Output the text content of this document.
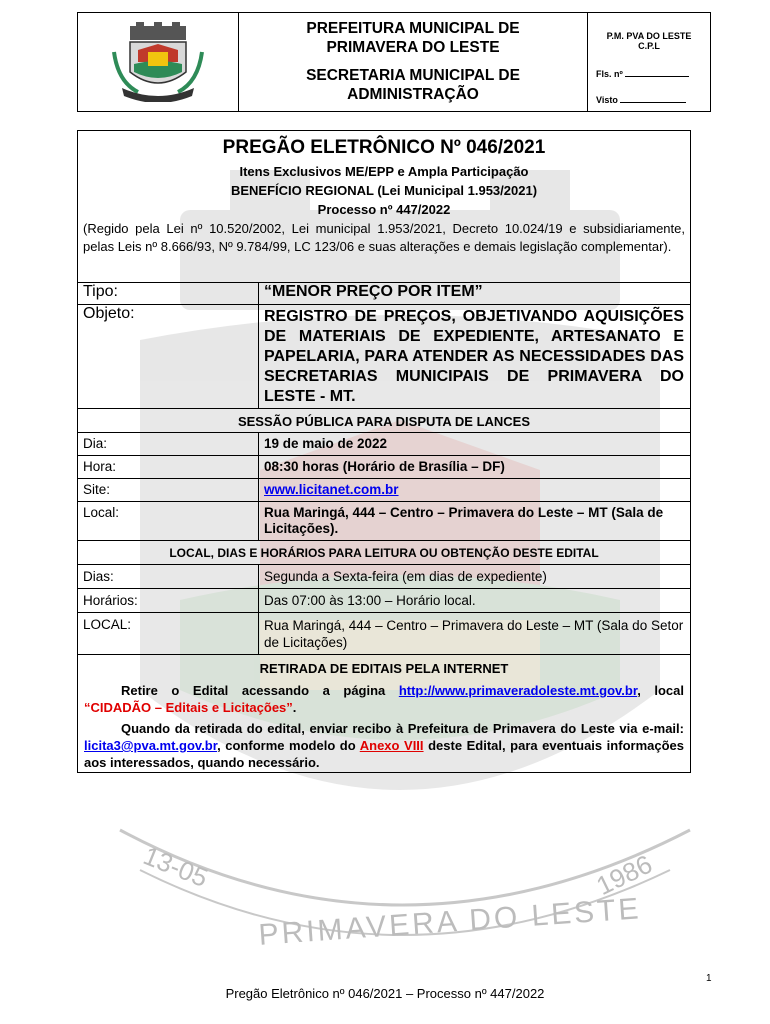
13-05	1986
PRIMAVERA DO LESTE
PREFEITURA MUNICIPAL DE
PRIMAVERA DO LESTE
SECRETARIA MUNICIPAL DE
ADMINISTRAÇÃO
P.M. PVA DO LESTE
C.P.L
Fls. nº
Visto
PREGÃO ELETRÔNICO Nº 046/2021
Itens Exclusivos ME/EPP e Ampla Participação
BENEFÍCIO REGIONAL (Lei Municipal 1.953/2021)
Processo nº 447/2022
(Regido pela Lei nº 10.520/2002, Lei municipal 1.953/2021, Decreto 10.024/19 e subsidiariamente, pelas Leis nº 8.666/93, Nº 9.784/99, LC 123/06 e suas alterações e demais legislação complementar).
Tipo:	“MENOR PREÇO POR ITEM”
Objeto:	REGISTRO DE PREÇOS, OBJETIVANDO AQUISIÇÕES DE MATERIAIS DE EXPEDIENTE, ARTESANATO E PAPELARIA, PARA ATENDER AS NECESSIDADES DAS SECRETARIAS MUNICIPAIS DE PRIMAVERA DO LESTE - MT.
SESSÃO PÚBLICA PARA DISPUTA DE LANCES
Dia:	19 de maio de 2022
Hora:	08:30 horas (Horário de Brasília – DF)
Site:	www.licitanet.com.br
Local:	Rua Maringá, 444 – Centro – Primavera do Leste – MT (Sala de Licitações).
LOCAL, DIAS E HORÁRIOS PARA LEITURA OU OBTENÇÃO DESTE EDITAL
Dias:	Segunda a Sexta-feira (em dias de expediente)
Horários:	Das 07:00 às 13:00 – Horário local.
LOCAL:	Rua Maringá, 444 – Centro – Primavera do Leste – MT (Sala do Setor de Licitações)
RETIRADA DE EDITAIS PELA INTERNET

Retire o Edital acessando a página http://www.primaveradoleste.mt.gov.br, local “CIDADÃO – Editais e Licitações”.

Quando da retirada do edital, enviar recibo à Prefeitura de Primavera do Leste via e-mail: licita3@pva.mt.gov.br, conforme modelo do Anexo VIII deste Edital, para eventuais informações aos interessados, quando necessário.

1
Pregão Eletrônico nº 046/2021 – Processo nº 447/2022
